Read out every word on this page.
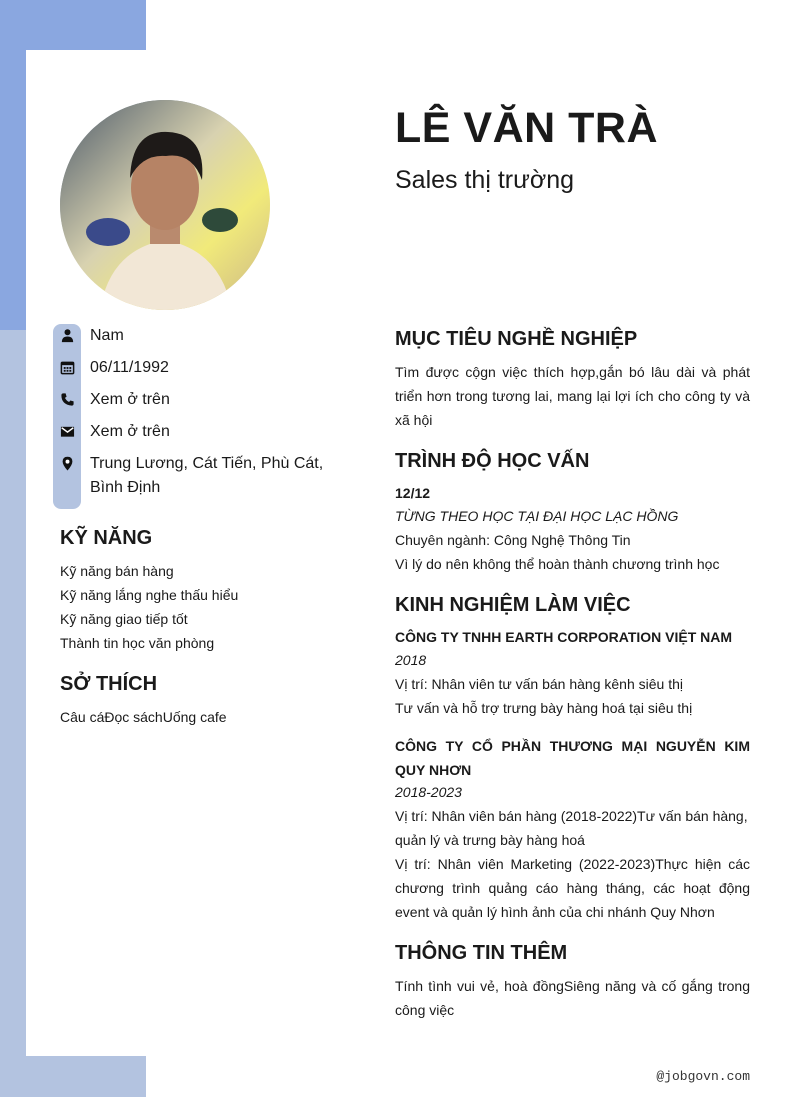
LÊ VĂN TRÀ
Sales thị trường
Nam
06/11/1992
Xem ở trên
Xem ở trên
Trung Lương, Cát Tiến, Phù Cát, Bình Định
KỸ NĂNG
Kỹ năng bán hàng
Kỹ năng lắng nghe thấu hiểu
Kỹ năng giao tiếp tốt
Thành tin học văn phòng
SỞ THÍCH

Câu cáĐọc sáchUống cafe

MỤC TIÊU NGHỀ NGHIỆP

Tìm được cộgn việc thích hợp,gắn bó lâu dài và phát triển hơn trong tương lai, mang lại lợi ích cho công ty và xã hội

TRÌNH ĐỘ HỌC VẤN

12/12

TỪNG THEO HỌC TẠI ĐẠI HỌC LẠC HỒNG

Chuyên ngành: Công Nghệ Thông Tin

Vì lý do nên không thể hoàn thành chương trình học

KINH NGHIỆM LÀM VIỆC

CÔNG TY TNHH EARTH CORPORATION VIỆT NAM

2018

Vị trí: Nhân viên tư vấn bán hàng kênh siêu thị

Tư vấn và hỗ trợ trưng bày hàng hoá tại siêu thị

CÔNG TY CỔ PHẦN THƯƠNG MẠI NGUYỄN KIM QUY NHƠN

2018-2023

Vị trí: Nhân viên bán hàng (2018-2022)Tư vấn bán hàng, quản lý và trưng bày hàng hoá

Vị trí: Nhân viên Marketing (2022-2023)Thực hiện các chương trình quảng cáo hàng tháng, các hoạt động event và quản lý hình ảnh của chi nhánh Quy Nhơn

THÔNG TIN THÊM

Tính tình vui vẻ, hoà đồngSiêng năng và cố gắng trong công việc

@jobgovn.com
